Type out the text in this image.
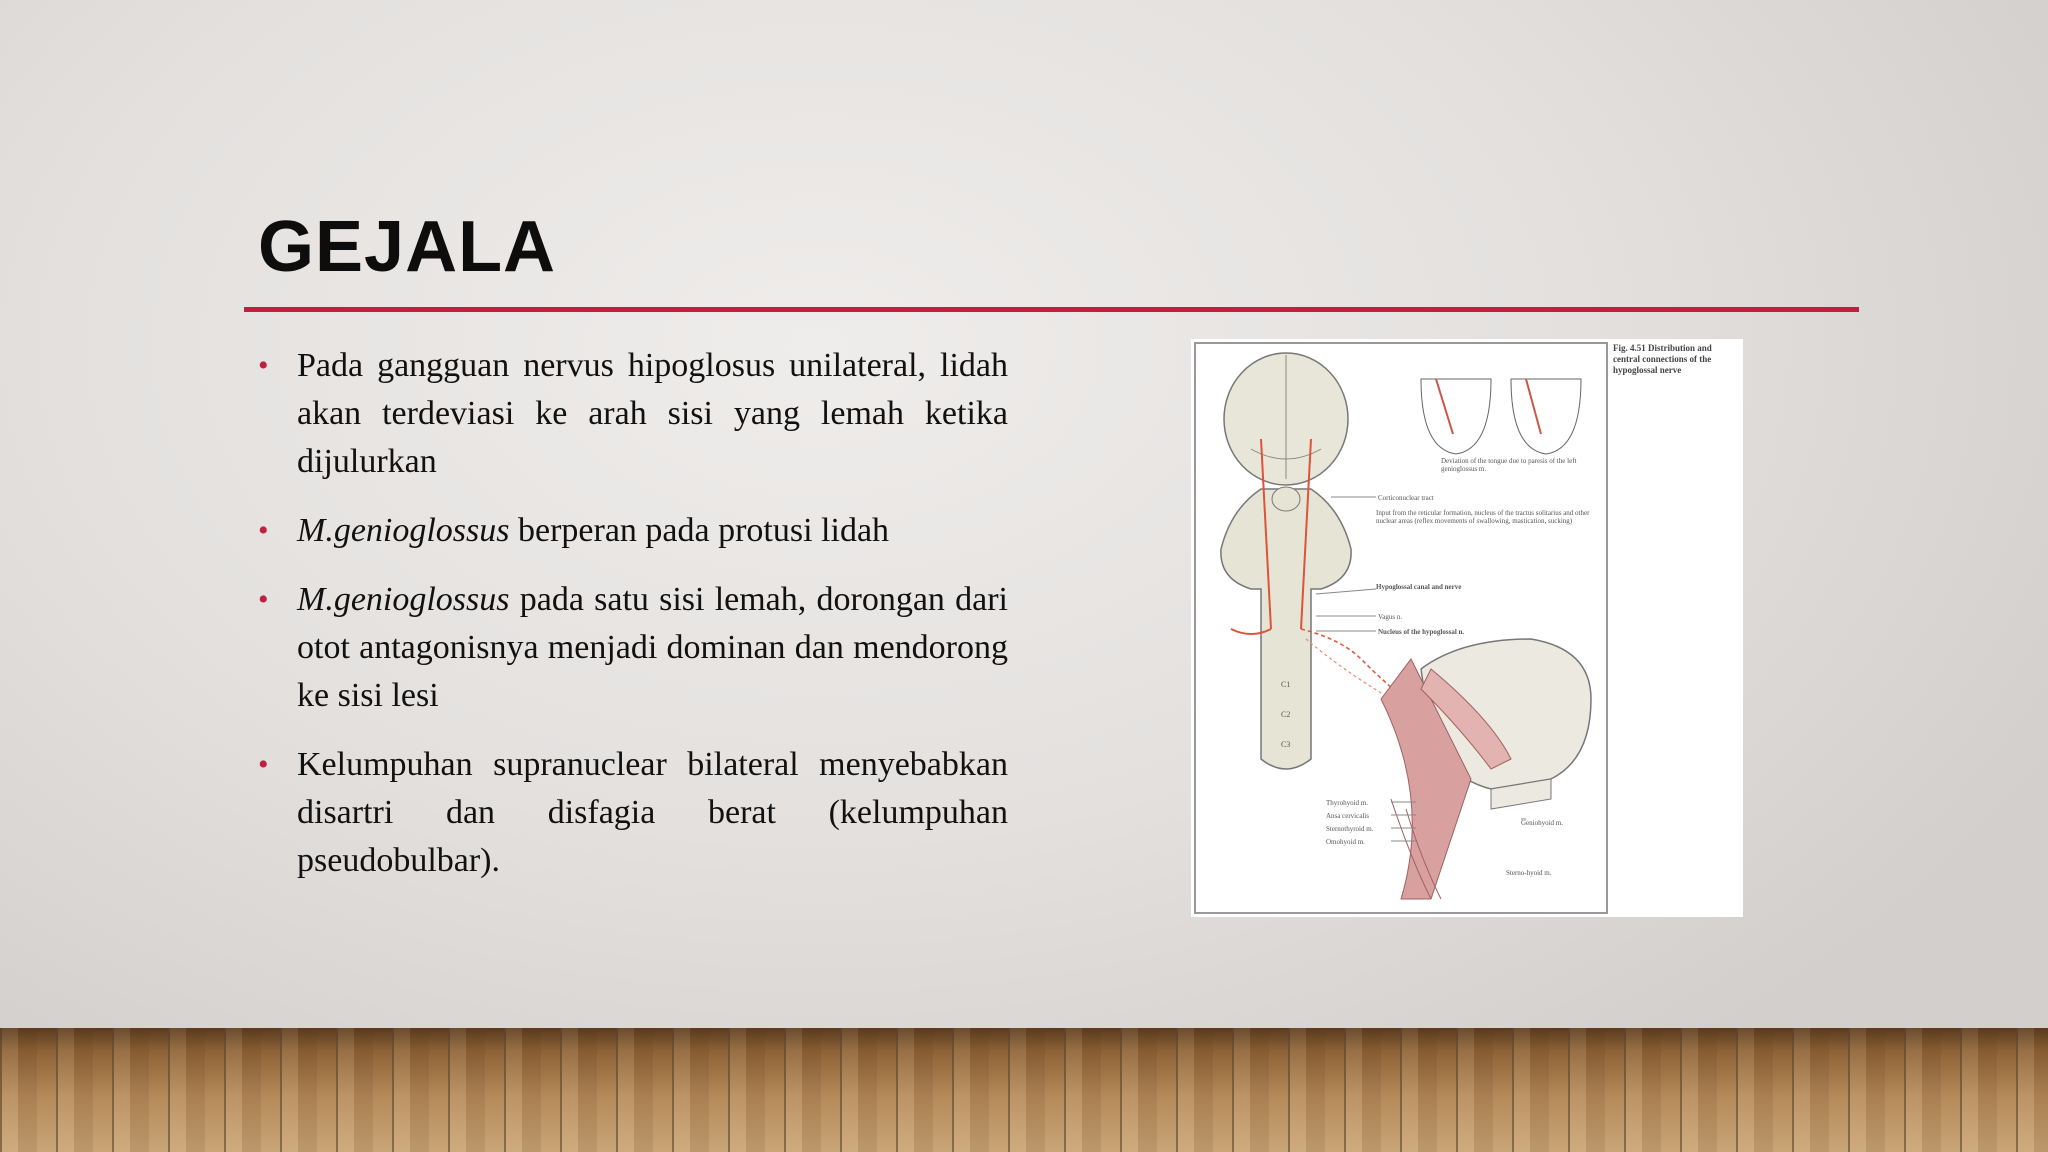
GEJALA
• Pada gangguan nervus hipoglosus unilateral, lidah akan terdeviasi ke arah sisi yang lemah ketika dijulurkan
• M.genioglossus berperan pada protusi lidah
• M.genioglossus pada satu sisi lemah, dorongan dari otot antagonisnya menjadi dominan dan mendorong ke sisi lesi
• Kelumpuhan supranuclear bilateral menyebabkan disartri dan disfagia berat (kelumpuhan pseudobulbar).
Fig. 4.51 Distribution and central connections of the hypoglossal nerve
Deviation of the tongue due to paresis of the left genioglossus m.
Corticonuclear tract
Input from the reticular formation, nucleus of the tractus solitarius and other nuclear areas (reflex movements of swallowing, mastication, sucking)
Hypoglossal canal and nerve
Vagus n.
Nucleus of the hypoglossal n.
C1
C2
C3
Thyrohyoid m.
Ansa cervicalis
Sternothyroid m.
Omohyoid m.
Geniohyoid m.
Sterno-hyoid m.
